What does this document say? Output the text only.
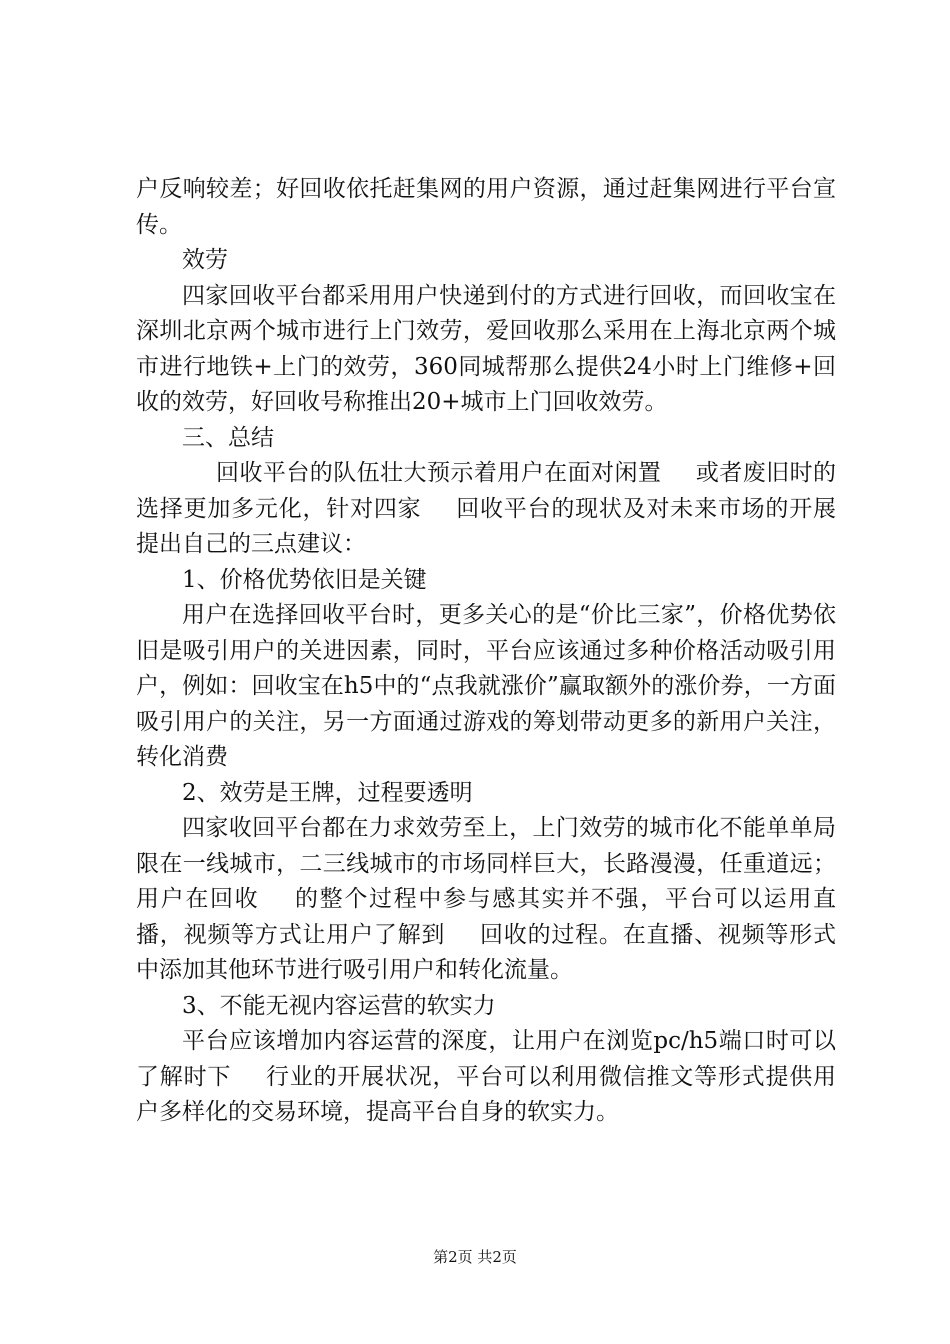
户反响较差；好回收依托赶集网的用户资源，通过赶集网进行平台宣传。

效劳

四家回收平台都采用用户快递到付的方式进行回收，而回收宝在深圳北京两个城市进行上门效劳，爱回收那么采用在上海北京两个城市进行地铁+上门的效劳，360同城帮那么提供24小时上门维修+回收的效劳，好回收号称推出20+城市上门回收效劳。

三、总结

回收平台的队伍壮大预示着用户在面对闲置 或者废旧时的选择更加多元化，针对四家 回收平台的现状及对未来市场的开展提出自己的三点建议：

1、价格优势依旧是关键

用户在选择回收平台时，更多关心的是“价比三家”，价格优势依旧是吸引用户的关进因素，同时，平台应该通过多种价格活动吸引用户，例如：回收宝在h5中的“点我就涨价”赢取额外的涨价券，一方面吸引用户的关注，另一方面通过游戏的筹划带动更多的新用户关注，转化消费

2、效劳是王牌，过程要透明

四家收回平台都在力求效劳至上，上门效劳的城市化不能单单局限在一线城市，二三线城市的市场同样巨大，长路漫漫，任重道远；用户在回收 的整个过程中参与感其实并不强，平台可以运用直播，视频等方式让用户了解到 回收的过程。在直播、视频等形式中添加其他环节进行吸引用户和转化流量。

3、不能无视内容运营的软实力

平台应该增加内容运营的深度，让用户在浏览pc/h5端口时可以了解时下 行业的开展状况，平台可以利用微信推文等形式提供用户多样化的交易环境，提高平台自身的软实力。

第2页 共2页
